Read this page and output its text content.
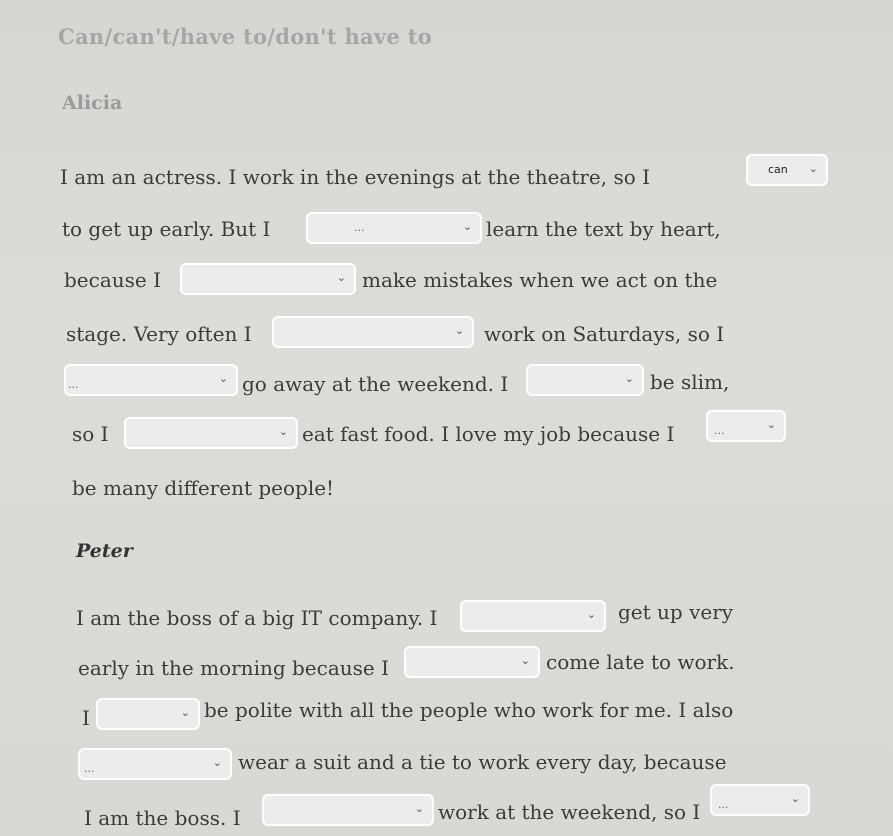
Can/can't/have to/don't have to
Alicia
I am an actress. I work in the evenings at the theatre, so I	can ⌄
to get up early. But I	...	⌄ learn the text by heart,
because I	⌄ make mistakes when we act on the
stage. Very often I	⌄ work on Saturdays, so I
...	⌄ go away at the weekend. I	⌄ be slim,
so I	⌄ eat fast food. I love my job because I	...	⌄
be many different people!
Peter
I am the boss of a big IT company. I	⌄ get up very
early in the morning because I	⌄ come late to work.
I	⌄ be polite with all the people who work for me. I also
...	⌄ wear a suit and a tie to work every day, because
I am the boss. I	⌄ work at the weekend, so I ...	⌄
